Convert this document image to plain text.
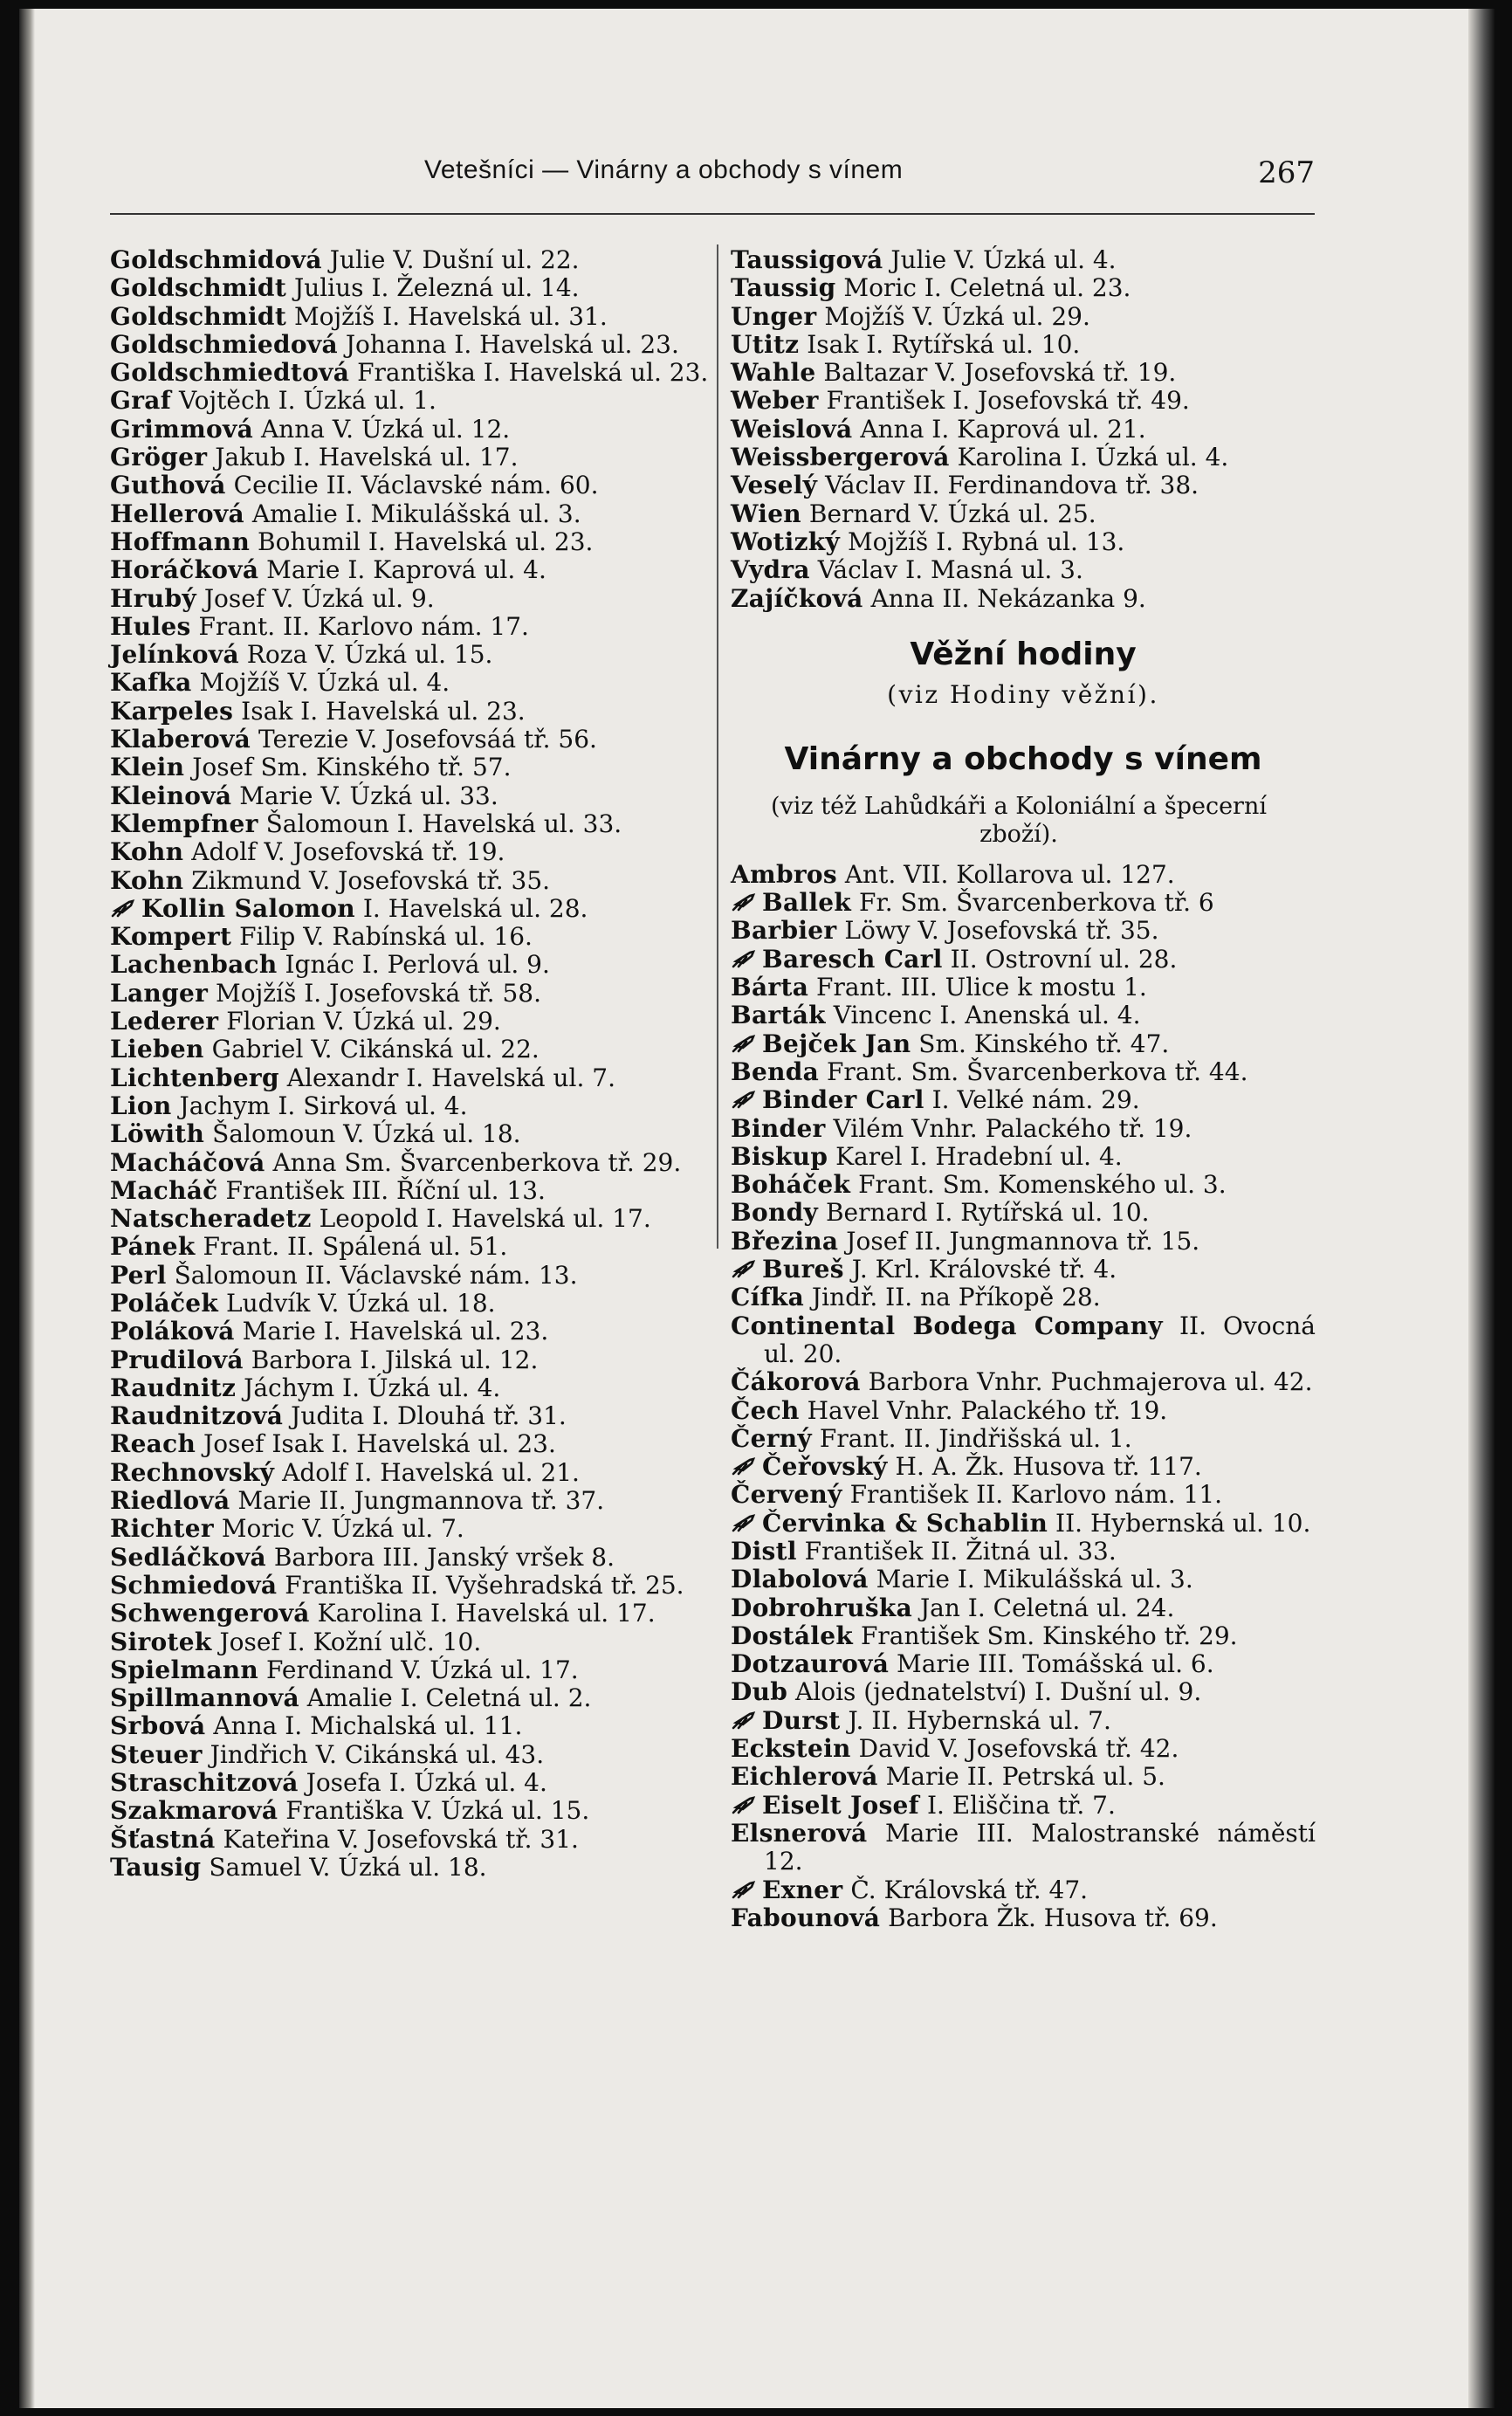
Vetešníci — Vinárny a obchody s vínem	267
Goldschmidová Julie V. Dušní ul. 22.
Goldschmidt Julius I. Železná ul. 14.
Goldschmidt Mojžíš I. Havelská ul. 31.
Goldschmiedová Johanna I. Havelská ul. 23.
Goldschmiedtová Františka I. Havelská ul. 23.
Graf Vojtěch I. Úzká ul. 1.
Grimmová Anna V. Úzká ul. 12.
Gröger Jakub I. Havelská ul. 17.
Guthová Cecilie II. Václavské nám. 60.
Hellerová Amalie I. Mikulášská ul. 3.
Hoffmann Bohumil I. Havelská ul. 23.
Horáčková Marie I. Kaprová ul. 4.
Hrubý Josef V. Úzká ul. 9.
Hules Frant. II. Karlovo nám. 17.
Jelínková Roza V. Úzká ul. 15.
Kafka Mojžíš V. Úzká ul. 4.
Karpeles Isak I. Havelská ul. 23.
Klaberová Terezie V. Josefovsáá tř. 56.
Klein Josef Sm. Kinského tř. 57.
Kleinová Marie V. Úzká ul. 33.
Klempfner Šalomoun I. Havelská ul. 33.
Kohn Adolf V. Josefovská tř. 19.
Kohn Zikmund V. Josefovská tř. 35.
Kollin Salomon I. Havelská ul. 28.
Kompert Filip V. Rabínská ul. 16.
Lachenbach Ignác I. Perlová ul. 9.
Langer Mojžíš I. Josefovská tř. 58.
Lederer Florian V. Úzká ul. 29.
Lieben Gabriel V. Cikánská ul. 22.
Lichtenberg Alexandr I. Havelská ul. 7.
Lion Jachym I. Sirková ul. 4.
Löwith Šalomoun V. Úzká ul. 18.
Macháčová Anna Sm. Švarcenberkova tř. 29.
Macháč František III. Říční ul. 13.
Natscheradetz Leopold I. Havelská ul. 17.
Pánek Frant. II. Spálená ul. 51.
Perl Šalomoun II. Václavské nám. 13.
Poláček Ludvík V. Úzká ul. 18.
Poláková Marie I. Havelská ul. 23.
Prudilová Barbora I. Jilská ul. 12.
Raudnitz Jáchym I. Úzká ul. 4.
Raudnitzová Judita I. Dlouhá tř. 31.
Reach Josef Isak I. Havelská ul. 23.
Rechnovský Adolf I. Havelská ul. 21.
Riedlová Marie II. Jungmannova tř. 37.
Richter Moric V. Úzká ul. 7.
Sedláčková Barbora III. Janský vršek 8.
Schmiedová Františka II. Vyšehradská tř. 25.
Schwengerová Karolina I. Havelská ul. 17.
Sirotek Josef I. Kožní ulč. 10.
Spielmann Ferdinand V. Úzká ul. 17.
Spillmannová Amalie I. Celetná ul. 2.
Srbová Anna I. Michalská ul. 11.
Steuer Jindřich V. Cikánská ul. 43.
Straschitzová Josefa I. Úzká ul. 4.
Szakmarová Františka V. Úzká ul. 15.
Šťastná Kateřina V. Josefovská tř. 31.
Tausig Samuel V. Úzká ul. 18.
Taussigová Julie V. Úzká ul. 4.
Taussig Moric I. Celetná ul. 23.
Unger Mojžíš V. Úzká ul. 29.
Utitz Isak I. Rytířská ul. 10.
Wahle Baltazar V. Josefovská tř. 19.
Weber František I. Josefovská tř. 49.
Weislová Anna I. Kaprová ul. 21.
Weissbergerová Karolina I. Úzká ul. 4.
Veselý Václav II. Ferdinandova tř. 38.
Wien Bernard V. Úzká ul. 25.
Wotizký Mojžíš I. Rybná ul. 13.
Vydra Václav I. Masná ul. 3.
Zajíčková Anna II. Nekázanka 9.
Věžní hodiny
(viz Hodiny věžní).
Vinárny a obchody s vínem
(viz též Lahůdkáři a Koloniální a špecerní zboží).
Ambros Ant. VII. Kollarova ul. 127.
Ballek Fr. Sm. Švarcenberkova tř. 6
Barbier Löwy V. Josefovská tř. 35.
Baresch Carl II. Ostrovní ul. 28.
Bárta Frant. III. Ulice k mostu 1.
Barták Vincenc I. Anenská ul. 4.
Bejček Jan Sm. Kinského tř. 47.
Benda Frant. Sm. Švarcenberkova tř. 44.
Binder Carl I. Velké nám. 29.
Binder Vilém Vnhr. Palackého tř. 19.
Biskup Karel I. Hradební ul. 4.
Boháček Frant. Sm. Komenského ul. 3.
Bondy Bernard I. Rytířská ul. 10.
Březina Josef II. Jungmannova tř. 15.
Bureš J. Krl. Královské tř. 4.
Cífka Jindř. II. na Příkopě 28.
Continental Bodega Company II. Ovocná ul. 20.
Čákorová Barbora Vnhr. Puchmajerova ul. 42.
Čech Havel Vnhr. Palackého tř. 19.
Černý Frant. II. Jindřišská ul. 1.
Čeřovský H. A. Žk. Husova tř. 117.
Červený František II. Karlovo nám. 11.
Červinka & Schablin II. Hybernská ul. 10.
Distl František II. Žitná ul. 33.
Dlabolová Marie I. Mikulášská ul. 3.
Dobrohruška Jan I. Celetná ul. 24.
Dostálek František Sm. Kinského tř. 29.
Dotzaurová Marie III. Tomášská ul. 6.
Dub Alois (jednatelství) I. Dušní ul. 9.
Durst J. II. Hybernská ul. 7.
Eckstein David V. Josefovská tř. 42.
Eichlerová Marie II. Petrská ul. 5.
Eiselt Josef I. Eliščina tř. 7.
Elsnerová Marie III. Malostranské náměstí 12.
Exner Č. Královská tř. 47.
Fabounová Barbora Žk. Husova tř. 69.
